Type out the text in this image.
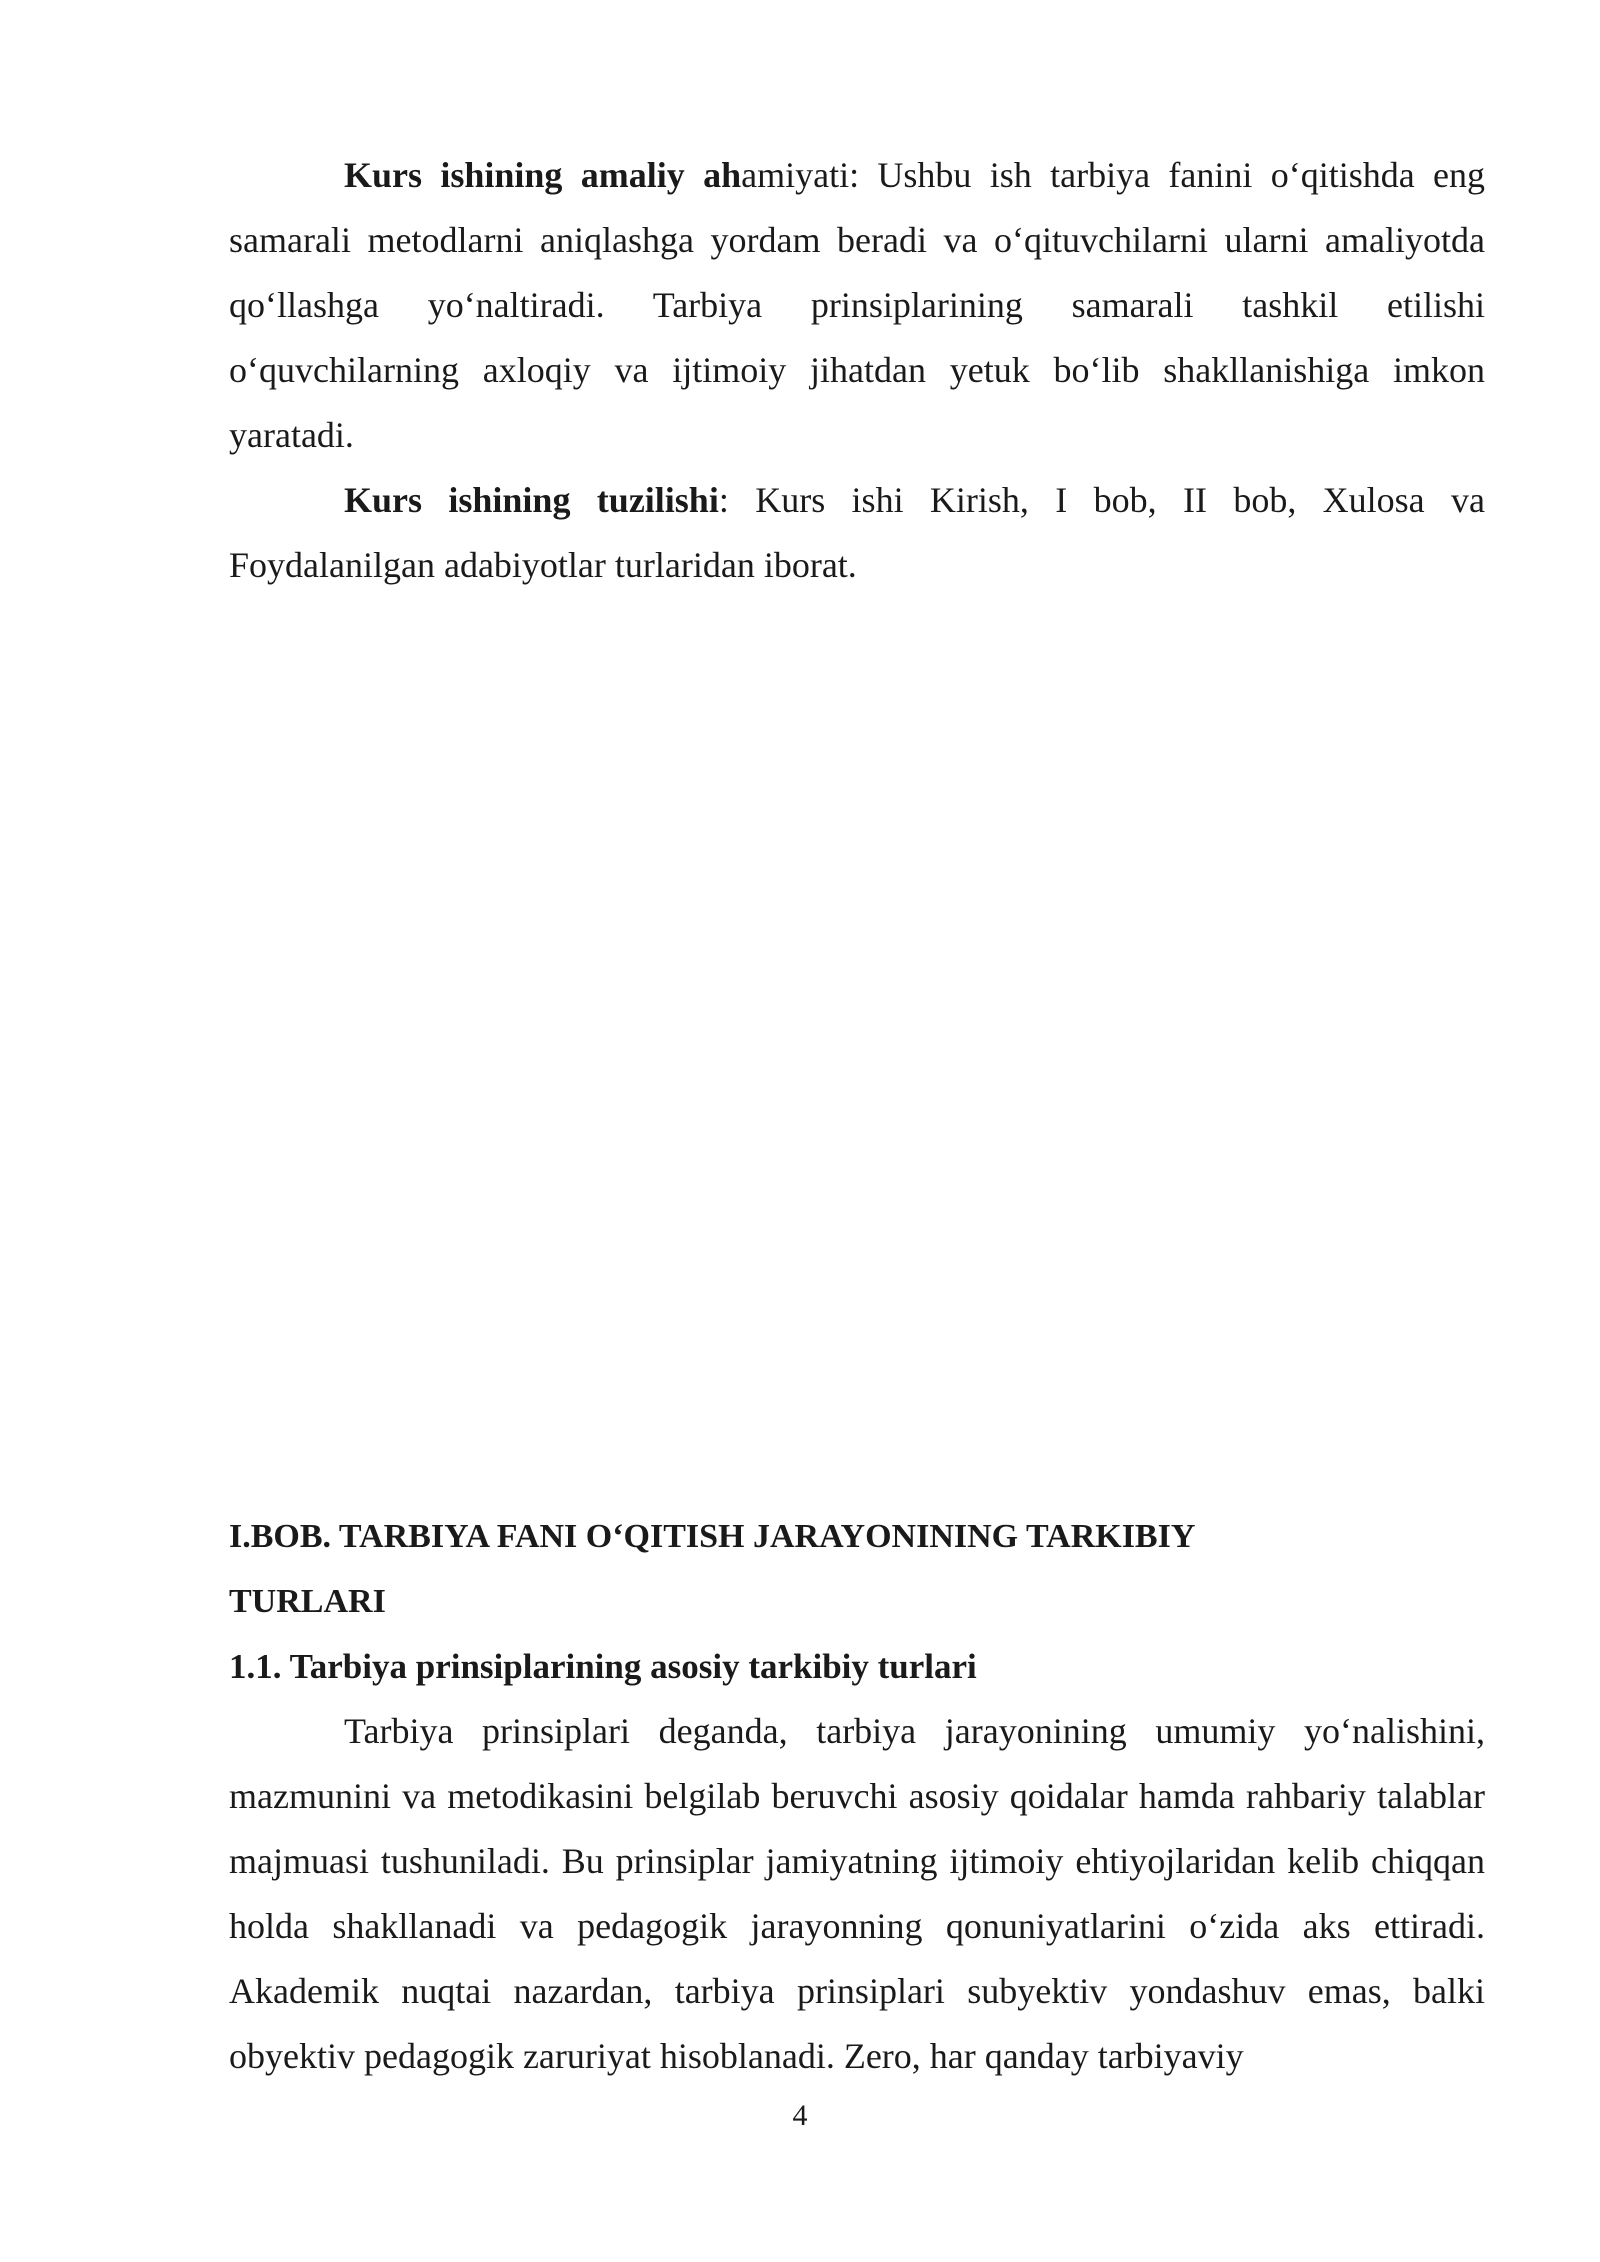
Kurs ishining amaliy ahamiyati: Ushbu ish tarbiya fanini o‘qitishda eng samarali metodlarni aniqlashga yordam beradi va o‘qituvchilarni ularni amaliyotda qo‘llashga yo‘naltiradi. Tarbiya prinsiplarining samarali tashkil etilishi o‘quvchilarning axloqiy va ijtimoiy jihatdan yetuk bo‘lib shakllanishiga imkon yaratadi.

Kurs ishining tuzilishi: Kurs ishi Kirish, I bob, II bob, Xulosa va Foydalanilgan adabiyotlar turlaridan iborat.

I.BOB. TARBIYA FANI O‘QITISH JARAYONINING TARKIBIY TURLARI
1.1. Tarbiya prinsiplarining asosiy tarkibiy turlari

Tarbiya prinsiplari deganda, tarbiya jarayonining umumiy yo‘nalishini, mazmunini va metodikasini belgilab beruvchi asosiy qoidalar hamda rahbariy talablar majmuasi tushuniladi. Bu prinsiplar jamiyatning ijtimoiy ehtiyojlaridan kelib chiqqan holda shakllanadi va pedagogik jarayonning qonuniyatlarini o‘zida aks ettiradi. Akademik nuqtai nazardan, tarbiya prinsiplari subyektiv yondashuv emas, balki obyektiv pedagogik zaruriyat hisoblanadi. Zero, har qanday tarbiyaviy

4
